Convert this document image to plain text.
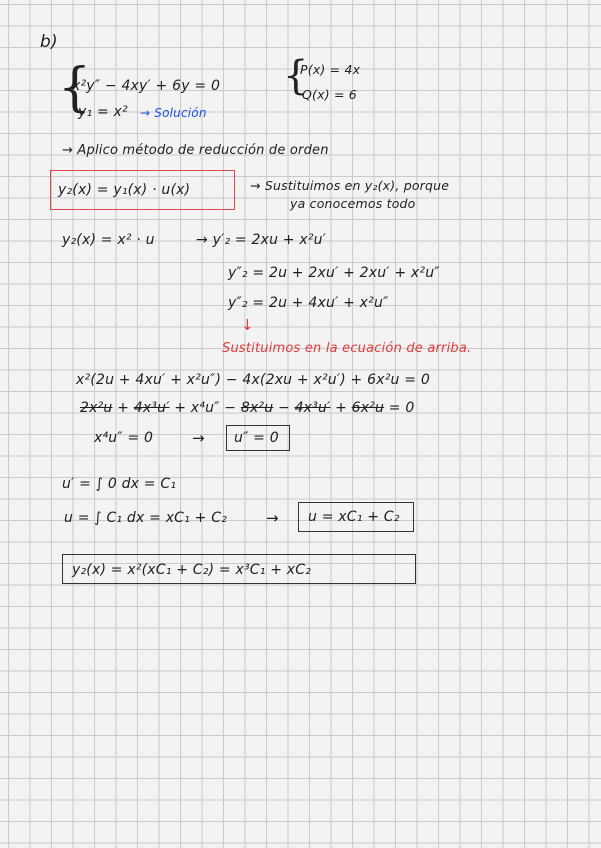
b)
{
x²y″ − 4xy′ + 6y = 0
y₁ = x² → Solución
{
P(x) = 4x
Q(x) = 6
→ Aplico método de reducción de orden
y₂(x) = y₁(x) · u(x)	→ Sustituimos en y₂(x), porque
ya conocemos todo
y₂(x) = x² · u	→ y′₂ = 2xu + x²u′
y″₂ = 2u + 2xu′ + 2xu′ + x²u″
y″₂ = 2u + 4xu′ + x²u″
↓
Sustituimos en la ecuación de arriba.
x²(2u + 4xu′ + x²u″) − 4x(2xu + x²u′) + 6x²u = 0
2x²u + 4x³u′ + x⁴u″ − 8x²u − 4x³u′ + 6x²u = 0
x⁴u″ = 0	→ u″ = 0
u′ = ∫ 0 dx = C₁
u = ∫ C₁ dx = xC₁ + C₂	→ u = xC₁ + C₂
y₂(x) = x²(xC₁ + C₂) = x³C₁ + xC₂
